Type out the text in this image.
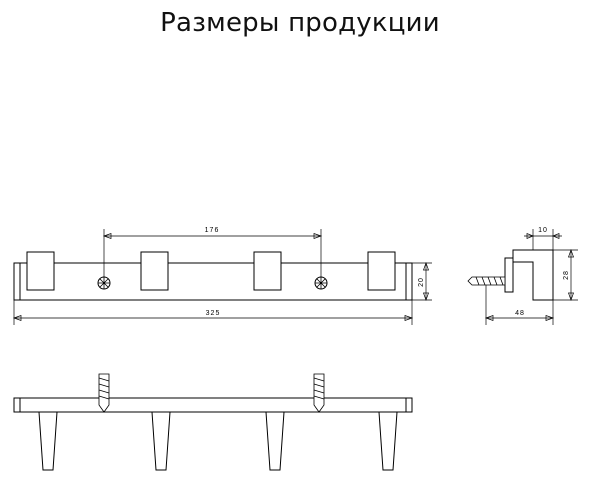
Размеры продукции
176
325
20
10
28
48
